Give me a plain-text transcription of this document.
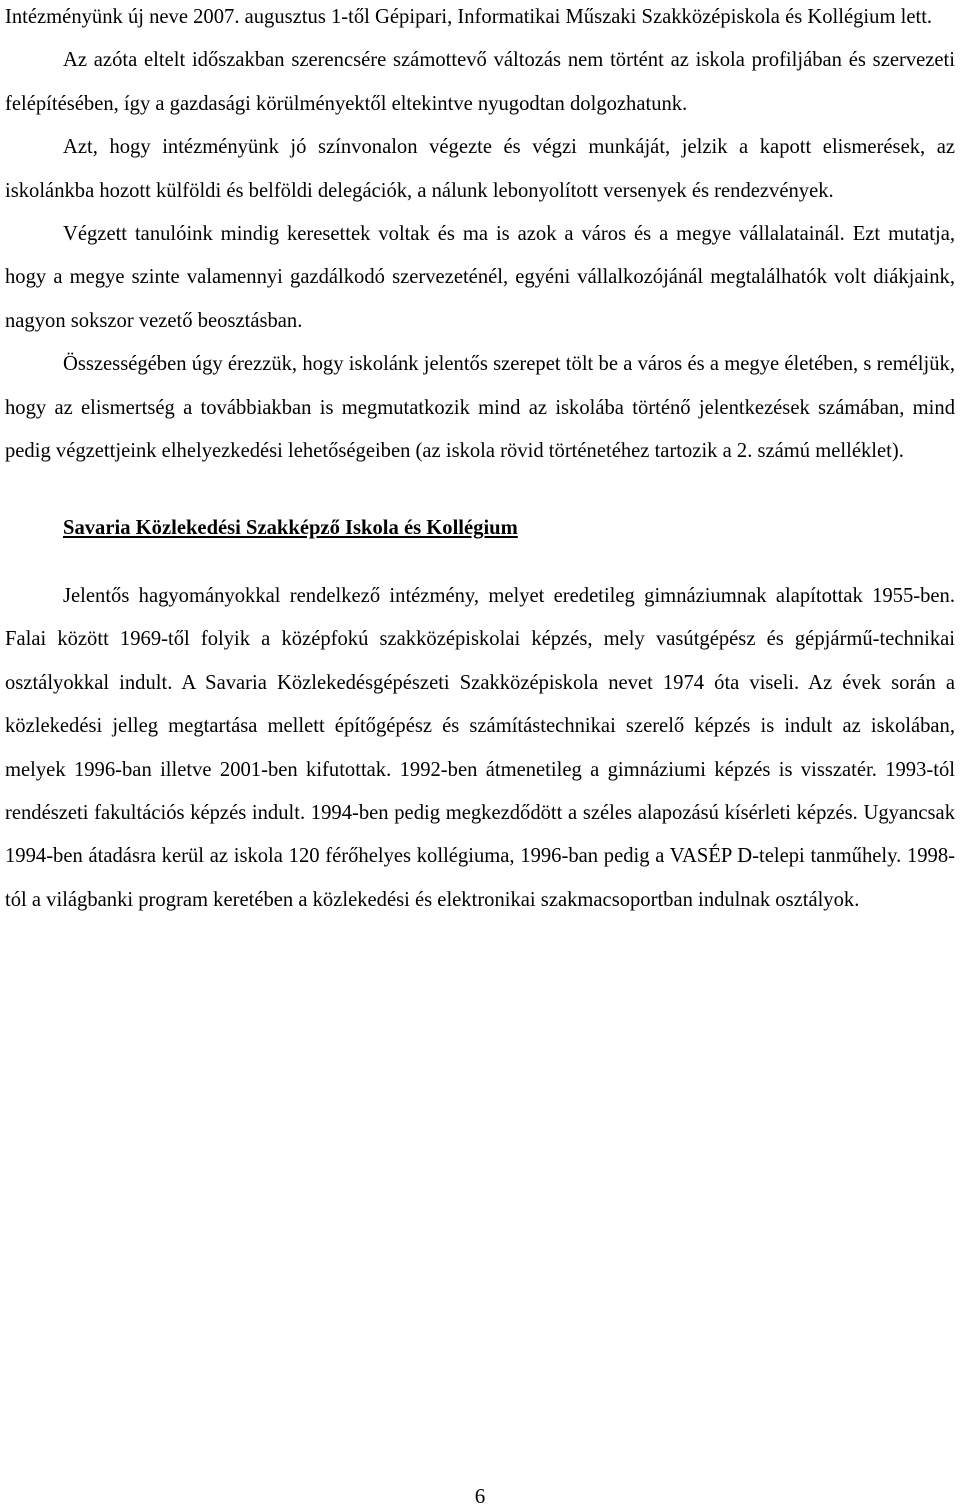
Intézményünk új neve 2007. augusztus 1-től Gépipari, Informatikai Műszaki Szakközépiskola és Kollégium lett.

Az azóta eltelt időszakban szerencsére számottevő változás nem történt az iskola profiljában és szervezeti felépítésében, így a gazdasági körülményektől eltekintve nyugodtan dolgozhatunk.

Azt, hogy intézményünk jó színvonalon végezte és végzi munkáját, jelzik a kapott elismerések, az iskolánkba hozott külföldi és belföldi delegációk, a nálunk lebonyolított versenyek és rendezvények.

Végzett tanulóink mindig keresettek voltak és ma is azok a város és a megye vállalatainál. Ezt mutatja, hogy a megye szinte valamennyi gazdálkodó szervezeténél, egyéni vállalkozójánál megtalálhatók volt diákjaink, nagyon sokszor vezető beosztásban.

Összességében úgy érezzük, hogy iskolánk jelentős szerepet tölt be a város és a megye életében, s reméljük, hogy az elismertség a továbbiakban is megmutatkozik mind az iskolába történő jelentkezések számában, mind pedig végzettjeink elhelyezkedési lehetőségeiben (az iskola rövid történetéhez tartozik a 2. számú melléklet).

Savaria Közlekedési Szakképző Iskola és Kollégium

Jelentős hagyományokkal rendelkező intézmény, melyet eredetileg gimnáziumnak alapítottak 1955-ben. Falai között 1969-től folyik a középfokú szakközépiskolai képzés, mely vasútgépész és gépjármű-technikai osztályokkal indult. A Savaria Közlekedésgépészeti Szakközépiskola nevet 1974 óta viseli. Az évek során a közlekedési jelleg megtartása mellett építőgépész és számítástechnikai szerelő képzés is indult az iskolában, melyek 1996-ban illetve 2001-ben kifutottak. 1992-ben átmenetileg a gimnáziumi képzés is visszatér. 1993-tól rendészeti fakultációs képzés indult. 1994-ben pedig megkezdődött a széles alapozású kísérleti képzés. Ugyancsak 1994-ben átadásra kerül az iskola 120 férőhelyes kollégiuma, 1996-ban pedig a VASÉP D-telepi tanműhely. 1998-tól a világbanki program keretében a közlekedési és elektronikai szakmacsoportban indulnak osztályok.

6
